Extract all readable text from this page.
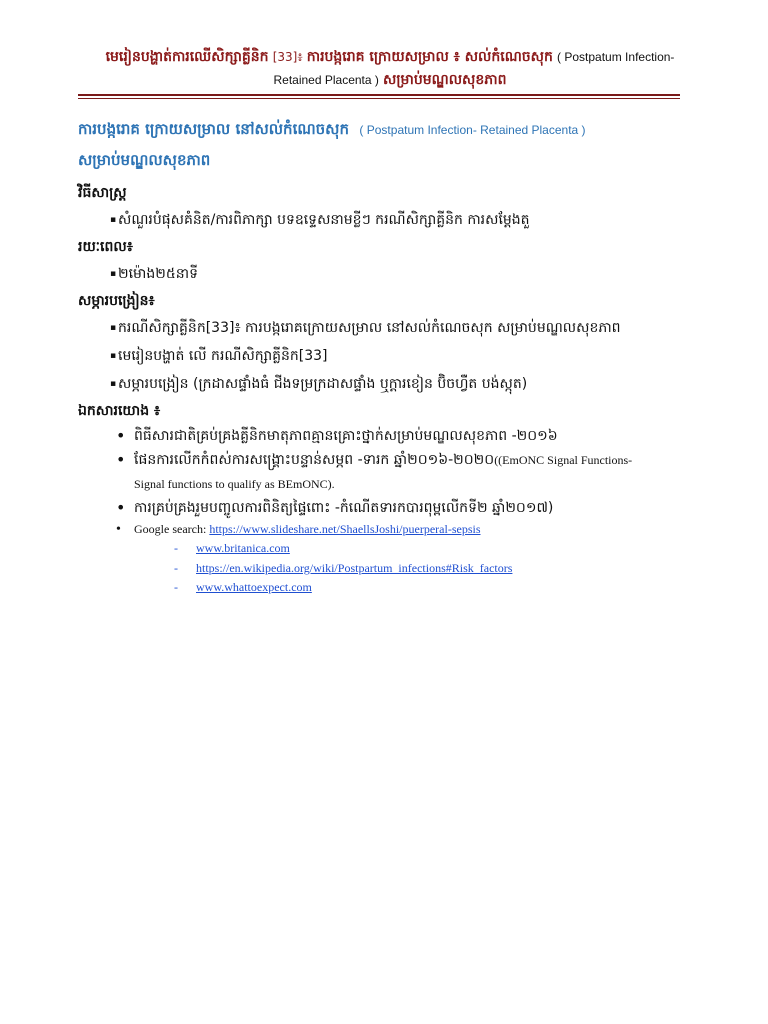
មេរៀនបង្ហាត់ការឈើសិក្សាគ្លីនិក [33]៖ ការបង្ករោគ ក្រោយសម្រាល ៖ សល់កំណេចសុក ( Postpatum Infection-
Retained Placenta ) សម្រាប់មណ្ឌលសុខភាព
ការបង្ករោគ ក្រោយសម្រាល នៅសល់កំណេចសុក ( Postpatum Infection- Retained Placenta )
សម្រាប់មណ្ឌលសុខភាព
វិធីសាស្ត្រ
▪ សំណួរបំផុសគំនិត/ការពិភាក្សា បទឧទ្ទេសនាមខ្លីៗ ករណីសិក្សាគ្លីនិក ការសម្តែងតួ
រយៈពេល៖
▪ ២ម៉ោង២៥នាទី
សម្ភារបង្រៀន៖
▪ ករណីសិក្សាគ្លីនិក[33]៖ ការបង្ករោគក្រោយសម្រាល នៅសល់កំណេចសុក សម្រាប់មណ្ឌលសុខភាព
▪ មេរៀនបង្ហាត់ លើ ករណីសិក្សាគ្លីនិក[33]
▪ សម្ភារបង្រៀន (ក្រដាសផ្ទាំងធំ ជីងទម្រក្រដាសផ្ទាំង ឬក្តារខៀន ប៊ិចហ្វឺត បង់ស្កុត)
ឯកសារយោង ៖
• ពិធីសារជាតិគ្រប់គ្រងគ្លីនិកមាតុភាពគ្មានគ្រោះថ្នាក់សម្រាប់មណ្ឌលសុខភាព -២០១៦
• ផែនការលើកកំពស់ការសង្គ្រោះបន្ទាន់សម្ភព -ទារក ឆ្នាំ២០១៦-២០២០((EmONC Signal Functions-
Signal functions to qualify as BEmONC).
• ការគ្រប់គ្រងរួមបញ្ចូលការពិនិត្យផ្ទៃពោះ -កំណើតទារកបារពុម្ពលើកទី២ ឆ្នាំ២០១៧)
• Google search: https://www.slideshare.net/ShaellsJoshi/puerperal-sepsis
- www.britanica.com
- https://en.wikipedia.org/wiki/Postpartum_infections#Risk_factors
- www.whattoexpect.com
